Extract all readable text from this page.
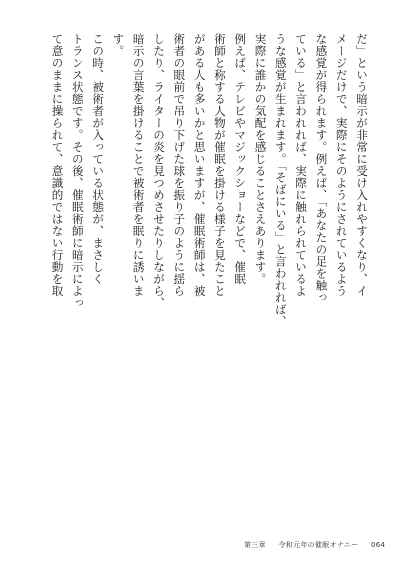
だ」という暗示が非常に受け入れやすくなり、イ

メージだけで、実際にそのようにされているよう

な感覚が得られます。例えば、「あなたの足を触っ

ている」と言われれば、実際に触れられているよ

うな感覚が生まれます。「そばにいる」と言われれば、

実際に誰かの気配を感じることさえあります。

例えば、テレビやマジックショーなどで、催眠

術師と称する人物が催眠を掛ける様子を見たこと

がある人も多いかと思いますが、催眠術師は、被

術者の眼前で吊り下げた球を振り子のように揺ら

したり、ライターの炎を見つめさせたりしながら、

暗示の言葉を掛けることで被術者を眠りに誘いま

す。

この時、被術者が入っている状態が、まさしく

トランス状態です。その後、催眠術師に暗示によっ

て意のままに操られて、意識的ではない行動を取

第三章 令和元年の催眠オナニー 064
